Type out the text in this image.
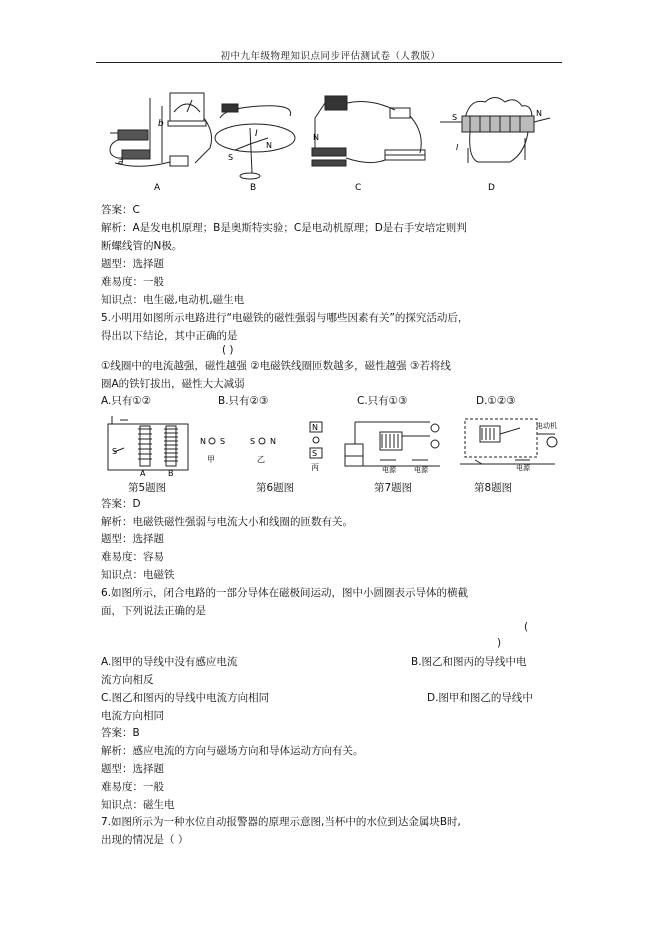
初中九年级物理知识点同步评估测试卷（人教版）
b
a
A
I
S
N
B
N
C
S	N
I
D
答案：C
解析：A是发电机原理；B是奥斯特实验；C是电动机原理；D是右手安培定则判
断螺线管的N极。
题型：选择题
难易度：一般
知识点：电生磁,电动机,磁生电
5.小明用如图所示电路进行“电磁铁的磁性强弱与哪些因素有关”的探究活动后，
得出以下结论，其中正确的是
( )
①线圈中的电流越强，磁性越强 ②电磁铁线圈匝数越多，磁性越强 ③若将线
圈A的铁钉拔出，磁性大大减弱
A.只有①②	B.只有②③	C.只有①③	D.①②③
S
A	B
N S
甲
S N
乙
N
S
丙	电源	电源
电动机
电源
第5题图	第6题图	第7题图	第8题图
答案：D
解析：电磁铁磁性强弱与电流大小和线圈的匝数有关。
题型：选择题
难易度：容易
知识点：电磁铁
6.如图所示，闭合电路的一部分导体在磁极间运动，图中小圆圈表示导体的横截
面，下列说法正确的是
(
)
A.图甲的导线中没有感应电流	B.图乙和图丙的导线中电
流方向相反
C.图乙和图丙的导线中电流方向相同	D.图甲和图乙的导线中
电流方向相同
答案：B
解析：感应电流的方向与磁场方向和导体运动方向有关。
题型：选择题
难易度：一般
知识点：磁生电
7.如图所示为一种水位自动报警器的原理示意图,当杯中的水位到达金属块B时,
出现的情况是（ ）
